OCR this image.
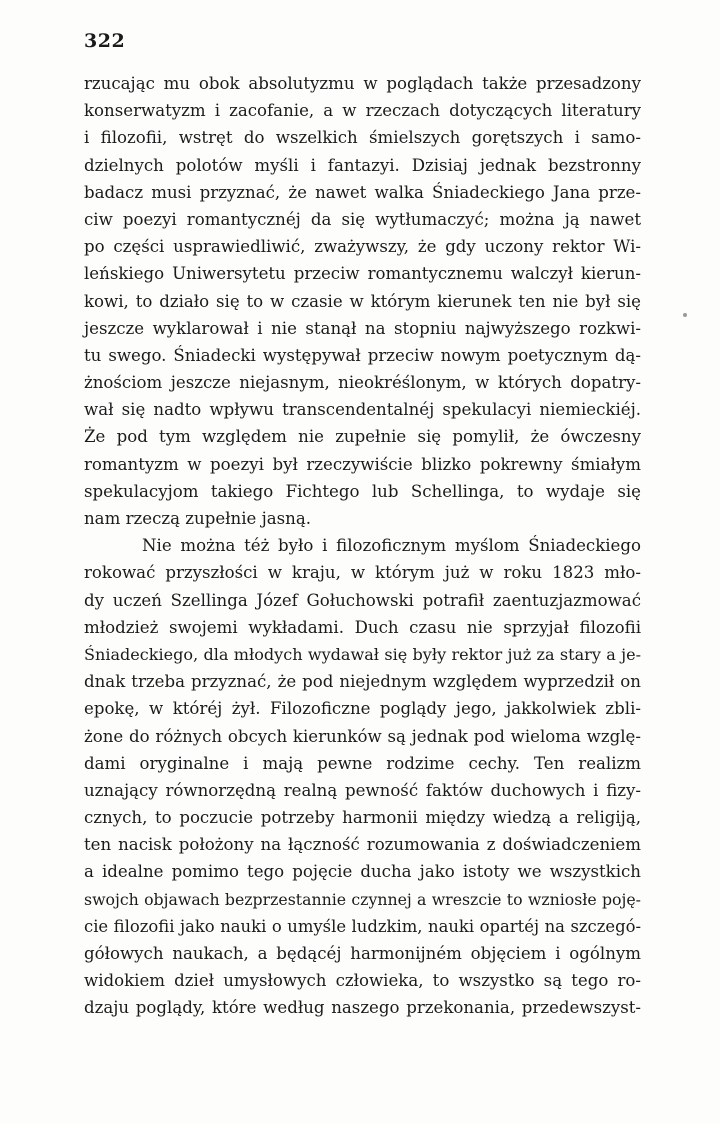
322
rzucając mu obok absolutyzmu w poglądach także przesadzony
konserwatyzm i zacofanie, a w rzeczach dotyczących literatury
i filozofii, wstręt do wszelkich śmielszych gorętszych i samo-
dzielnych polotów myśli i fantazyi. Dzisiaj jednak bezstronny
badacz musi przyznać, że nawet walka Śniadeckiego Jana prze-
ciw poezyi romantycznéj da się wytłumaczyć; można ją nawet
po części usprawiedliwić, zważywszy, że gdy uczony rektor Wi-
leńskiego Uniwersytetu przeciw romantycznemu walczył kierun-
kowi, to działo się to w czasie w którym kierunek ten nie był się
jeszcze wyklarował i nie stanął na stopniu najwyższego rozkwi-
tu swego. Śniadecki występywał przeciw nowym poetycznym dą-
żnościom jeszcze niejasnym, nieokréślonym, w których dopatry-
wał się nadto wpływu transcendentalnéj spekulacyi niemieckiéj.
Że pod tym względem nie zupełnie się pomylił, że ówczesny
romantyzm w poezyi był rzeczywiście blizko pokrewny śmiałym
spekulacyjom takiego Fichtego lub Schellinga, to wydaje się
nam rzeczą zupełnie jasną.
Nie można téż było i filozoficznym myślom Śniadeckiego
rokować przyszłości w kraju, w którym już w roku 1823 mło-
dy uczeń Szellinga Józef Gołuchowski potrafił zaentuzjazmować
młodzież swojemi wykładami. Duch czasu nie sprzyjał filozofii
Śniadeckiego, dla młodych wydawał się były rektor już za stary a je-
dnak trzeba przyznać, że pod niejednym względem wyprzedził on
epokę, w któréj żył. Filozoficzne poglądy jego, jakkolwiek zbli-
żone do różnych obcych kierunków są jednak pod wieloma wzglę-
dami oryginalne i mają pewne rodzime cechy. Ten realizm
uznający równorzędną realną pewność faktów duchowych i fizy-
cznych, to poczucie potrzeby harmonii między wiedzą a religiją,
ten nacisk położony na łączność rozumowania z doświadczeniem
a idealne pomimo tego pojęcie ducha jako istoty we wszystkich
swojch objawach bezprzestannie czynnej a wreszcie to wzniosłe poję-
cie filozofii jako nauki o umyśle ludzkim, nauki opartéj na szczegó-
gółowych naukach, a będącéj harmonijném objęciem i ogólnym
widokiem dzieł umysłowych człowieka, to wszystko są tego ro-
dzaju poglądy, które według naszego przekonania, przedewszyst-
